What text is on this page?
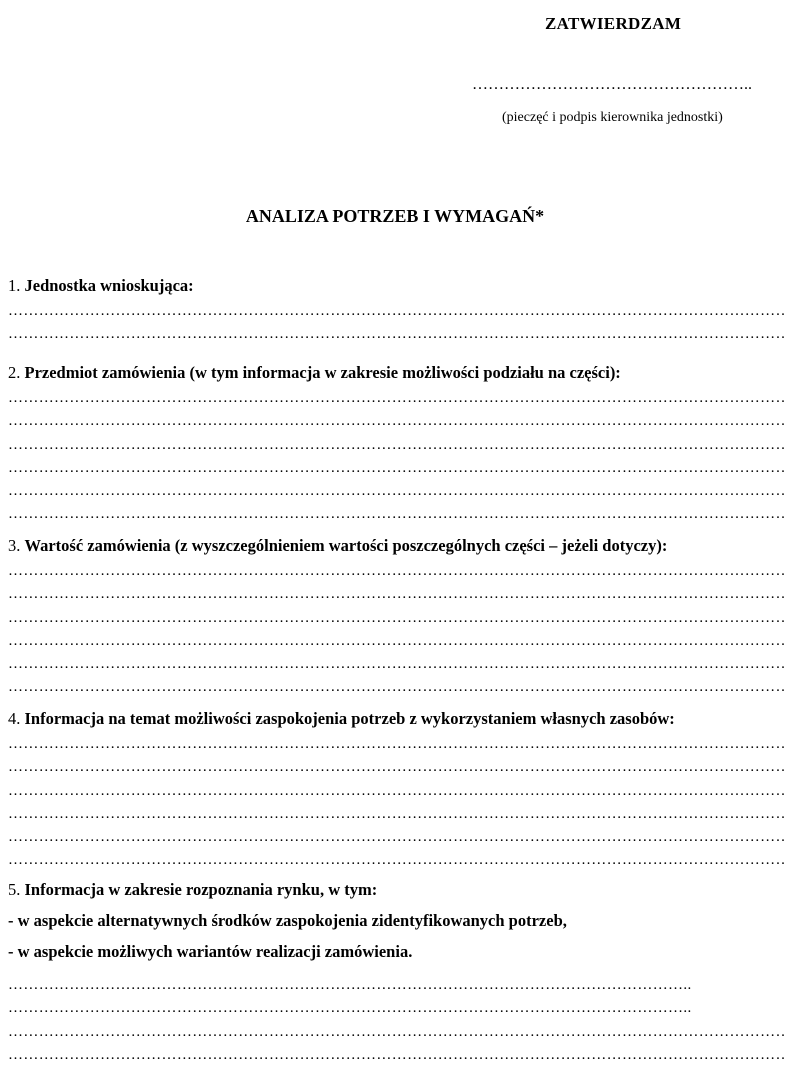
ZATWIERDZAM
……………………………………………..
(pieczęć i podpis kierownika jednostki)
ANALIZA POTRZEB I WYMAGAŃ*
1. Jednostka wnioskująca:
…………………………………………………………………………………………………………………………………………………………………………
…………………………………………………………………………………………………………………………………………………………………………
2. Przedmiot zamówienia (w tym informacja w zakresie możliwości podziału na części):
…………………………………………………………………………………………………………………………………………………………………………
…………………………………………………………………………………………………………………………………………………………………………
…………………………………………………………………………………………………………………………………………………………………………
…………………………………………………………………………………………………………………………………………………………………………
…………………………………………………………………………………………………………………………………………………………………………
…………………………………………………………………………………………………………………………………………………………………………
3. Wartość zamówienia (z wyszczególnieniem wartości poszczególnych części – jeżeli dotyczy):
…………………………………………………………………………………………………………………………………………………………………………
…………………………………………………………………………………………………………………………………………………………………………
…………………………………………………………………………………………………………………………………………………………………………
…………………………………………………………………………………………………………………………………………………………………………
…………………………………………………………………………………………………………………………………………………………………………
…………………………………………………………………………………………………………………………………………………………………………
4. Informacja na temat możliwości zaspokojenia potrzeb z wykorzystaniem własnych zasobów:
…………………………………………………………………………………………………………………………………………………………………………
…………………………………………………………………………………………………………………………………………………………………………
…………………………………………………………………………………………………………………………………………………………………………
…………………………………………………………………………………………………………………………………………………………………………
…………………………………………………………………………………………………………………………………………………………………………
…………………………………………………………………………………………………………………………………………………………………………
5. Informacja w zakresie rozpoznania rynku, w tym:
- w aspekcie alternatywnych środków zaspokojenia zidentyfikowanych potrzeb,
- w aspekcie możliwych wariantów realizacji zamówienia.
……………………………………………………………………………………………………………………..
……………………………………………………………………………………………………………………..
…………………………………………………………………………………………………………………………………………………………………………
…………………………………………………………………………………………………………………………………………………………………………
